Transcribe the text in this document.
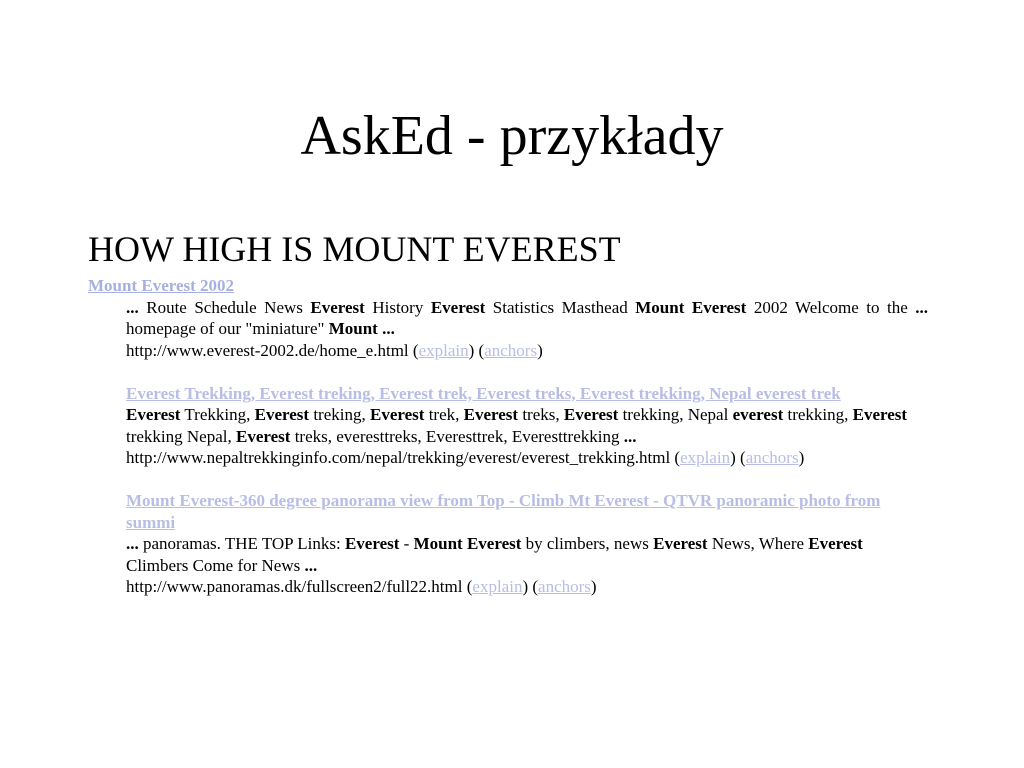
AskEd - przykłady
HOW HIGH IS MOUNT EVEREST
Mount Everest 2002
... Route Schedule News Everest History Everest Statistics Masthead Mount Everest 2002 Welcome to the ... homepage of our "miniature" Mount ...
http://www.everest-2002.de/home_e.html (explain) (anchors)
Everest Trekking, Everest treking, Everest trek, Everest treks, Everest trekking, Nepal everest trek
Everest Trekking, Everest treking, Everest trek, Everest treks, Everest trekking, Nepal everest trekking, Everest trekking Nepal, Everest treks, everesttreks, Everesttrek, Everesttrekking ...
http://www.nepaltrekkinginfo.com/nepal/trekking/everest/everest_trekking.html (explain) (anchors)
Mount Everest-360 degree panorama view from Top - Climb Mt Everest - QTVR panoramic photo from summi
... panoramas. THE TOP Links: Everest - Mount Everest by climbers, news Everest News, Where Everest Climbers Come for News ...
http://www.panoramas.dk/fullscreen2/full22.html (explain) (anchors)
